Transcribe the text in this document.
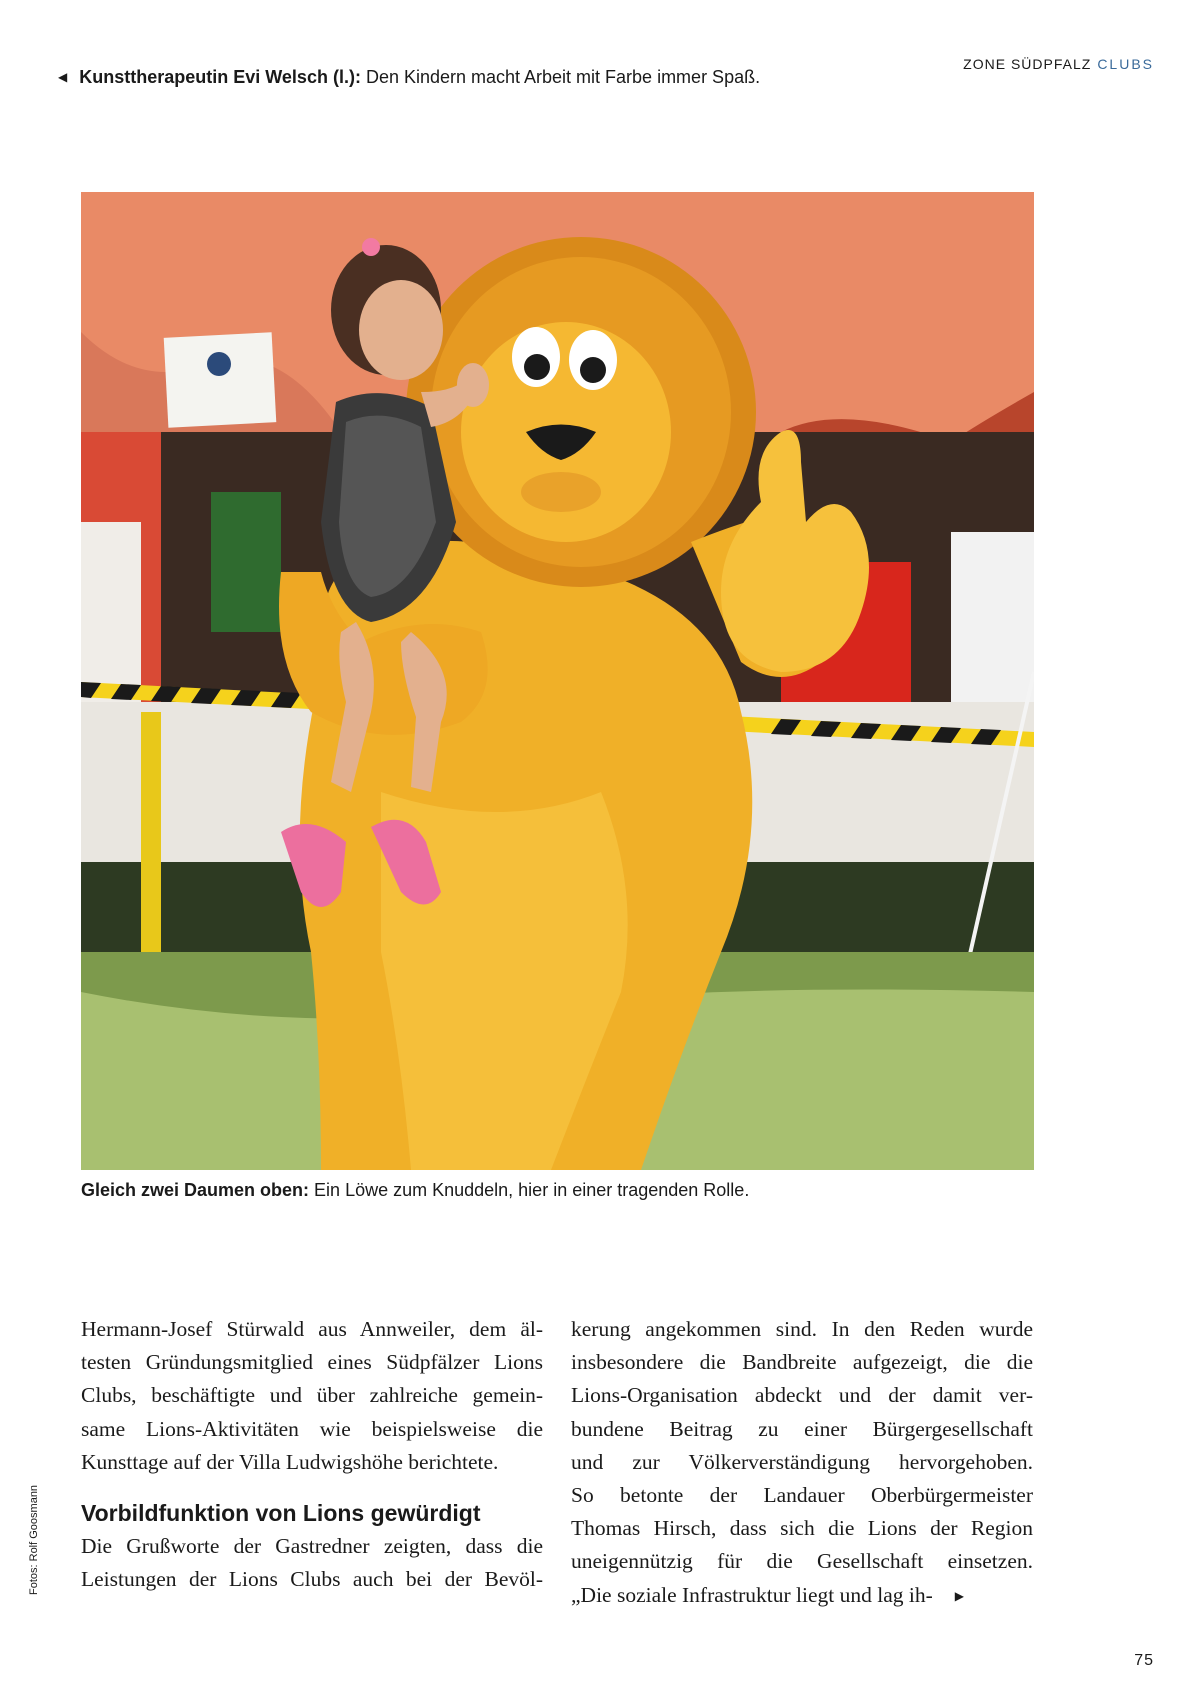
◀ Kunsttherapeutin Evi Welsch (l.): Den Kindern macht Arbeit mit Farbe immer Spaß.
ZONE SÜDPFALZ CLUBS
Gleich zwei Daumen oben: Ein Löwe zum Knuddeln, hier in einer tragenden Rolle.
Hermann-Josef Stürwald aus Annweiler, dem äl-
testen Gründungsmitglied eines Südpfälzer Lions
Clubs, beschäftigte und über zahlreiche gemein-
same Lions-Aktivitäten wie beispielsweise die
Kunsttage auf der Villa Ludwigshöhe berichtete.
Vorbildfunktion von Lions gewürdigt
Die Grußworte der Gastredner zeigten, dass die
Leistungen der Lions Clubs auch bei der Bevöl-
kerung angekommen sind. In den Reden wurde
insbesondere die Bandbreite aufgezeigt, die die
Lions-Organisation abdeckt und der damit ver-
bundene Beitrag zu einer Bürgergesellschaft
und zur Völkerverständigung hervorgehoben.
So betonte der Landauer Oberbürgermeister
Thomas Hirsch, dass sich die Lions der Region
uneigennützig für die Gesellschaft einsetzen.
„Die soziale Infrastruktur liegt und lag ih- ▶
Fotos: Rolf Goosmann
75
